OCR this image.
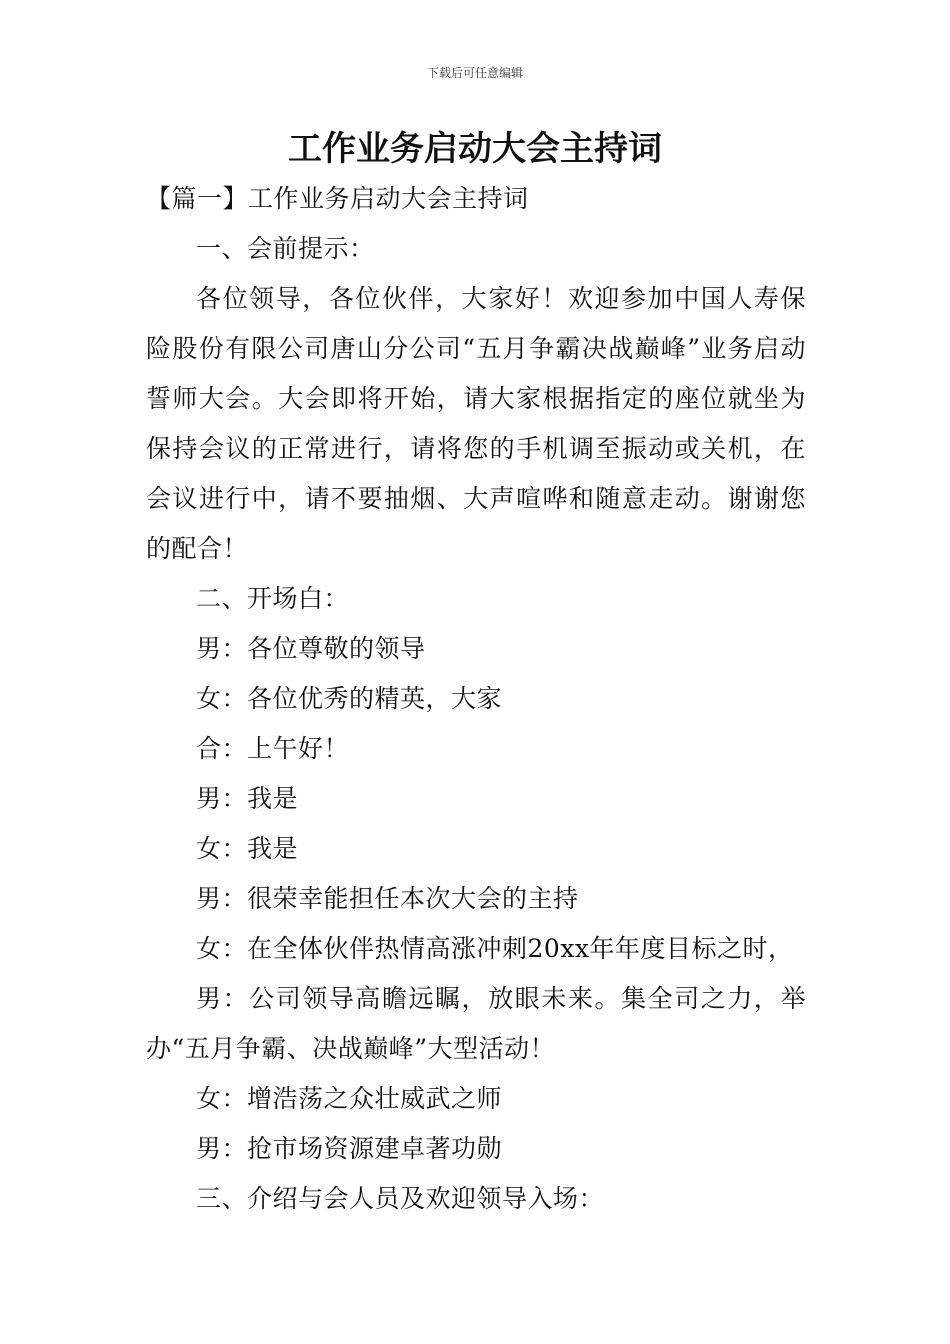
下载后可任意编辑
工作业务启动大会主持词

【篇一】工作业务启动大会主持词

一、会前提示：

各位领导，各位伙伴，大家好！欢迎参加中国人寿保险股份有限公司唐山分公司“五月争霸决战巅峰”业务启动誓师大会。大会即将开始，请大家根据指定的座位就坐为保持会议的正常进行，请将您的手机调至振动或关机，在会议进行中，请不要抽烟、大声喧哗和随意走动。谢谢您的配合！

二、开场白：

男：各位尊敬的领导

女：各位优秀的精英，大家

合：上午好！

男：我是

女：我是

男：很荣幸能担任本次大会的主持

女：在全体伙伴热情高涨冲刺20xx年年度目标之时，

男：公司领导高瞻远瞩，放眼未来。集全司之力，举办“五月争霸、决战巅峰”大型活动！

女：增浩荡之众壮威武之师

男：抢市场资源建卓著功勋

三、介绍与会人员及欢迎领导入场：
